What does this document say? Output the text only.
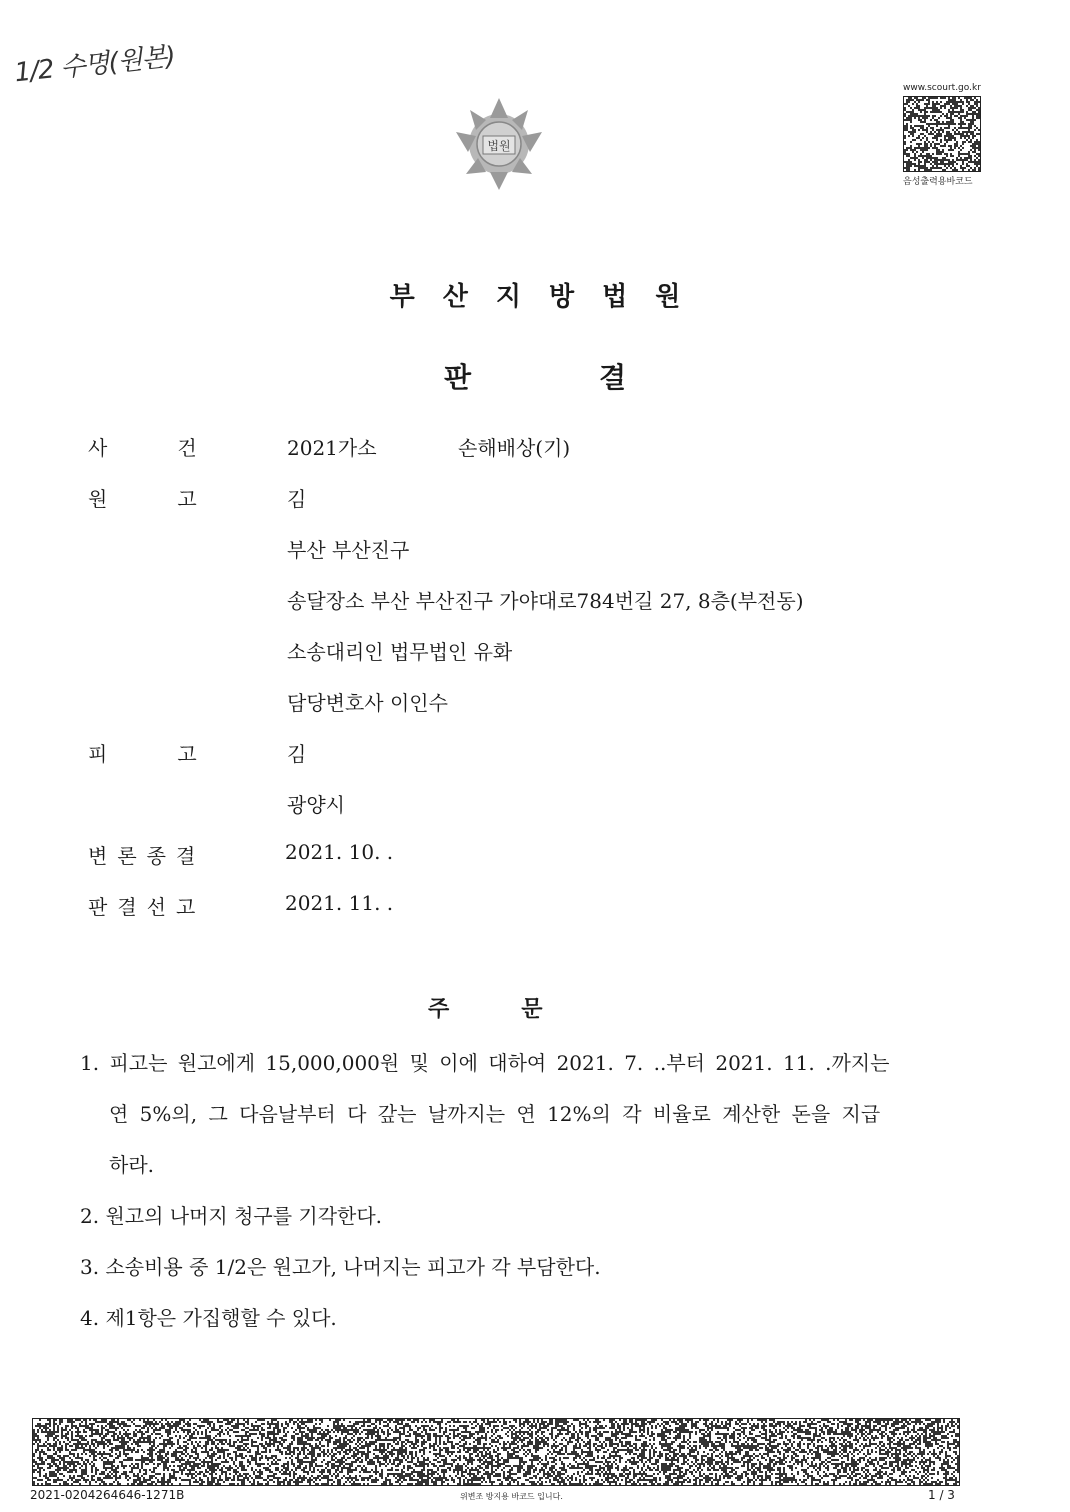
1/2 수명(원본)
법원
www.scourt.go.kr
음성출력용바코드
부산지방법원
판결
사건 2021가소	손해배상(기)
원고 김
부산 부산진구
송달장소 부산 부산진구 가야대로784번길 27, 8층(부전동)
소송대리인 법무법인 유화
담당변호사 이인수
피고 김
광양시
변론종결	2021. 10. .
판결선고	2021. 11. .
주문
1. 피고는 원고에게 15,000,000원 및 이에 대하여 2021. 7. ..부터 2021. 11. .까지는
연 5%의, 그 다음날부터 다 갚는 날까지는 연 12%의 각 비율로 계산한 돈을 지급
하라.
2. 원고의 나머지 청구를 기각한다.
3. 소송비용 중 1/2은 원고가, 나머지는 피고가 각 부담한다.
4. 제1항은 가집행할 수 있다.
2021-0204264646-1271B	위변조 방지용 바코드 입니다.	1 / 3
